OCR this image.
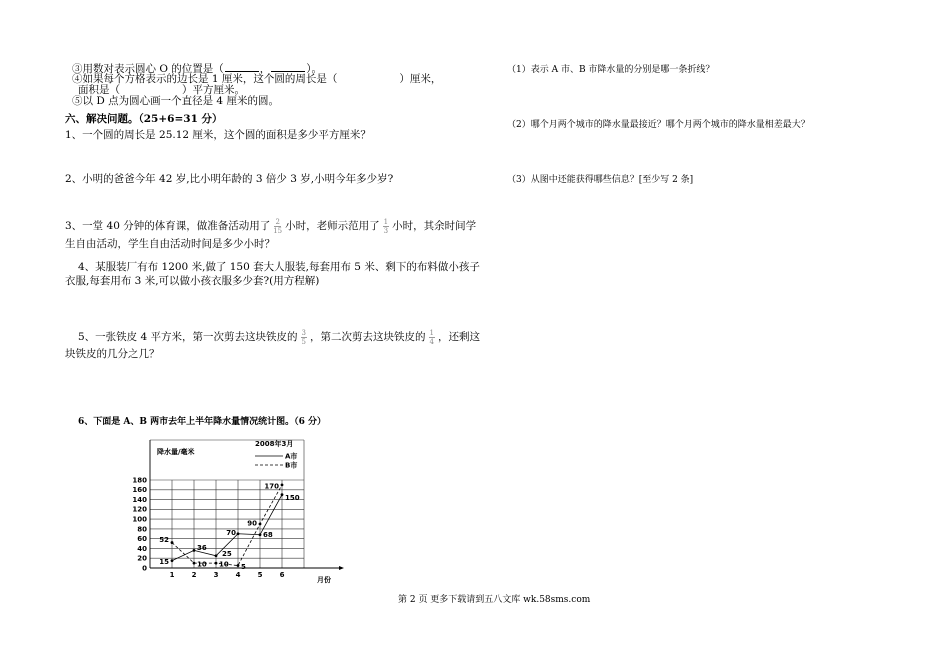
③用数对表示圆心 O 的位置是（	，	）。
④如果每个方格表示的边长是 1 厘米，这个圆的周长是（	）厘米，
面积是（	）平方厘米。
⑤以 D 点为圆心画一个直径是 4 厘米的圆。
六、解决问题。（25+6=31 分）
1、一个圆的周长是 25.12 厘米，这个圆的面积是多少平方厘米？
2、小明的爸爸今年 42 岁,比小明年龄的 3 倍少 3 岁,小明今年多少岁?
3、一堂 40 分钟的体育课，做准备活动用了 $\frac{2}{15}$ 小时，老师示范用了 $\frac{1}{3}$ 小时，其余时间学
生自由活动，学生自由活动时间是多少小时？
4、某服装厂有布 1200 米,做了 150 套大人服装,每套用布 5 米、剩下的布料做小孩子
衣服,每套用布 3 米,可以做小孩衣服多少套?(用方程解)
5、一张铁皮 4 平方米，第一次剪去这块铁皮的 $\frac{3}{5}$ ，第二次剪去这块铁皮的 $\frac{1}{4}$ ，还剩这
块铁皮的几分之几？
6、下面是 A、B 两市去年上半年降水量情况统计图。（6 分）
0
20
40
60
80
100
120
140
160
180
1 2 3 4 5 6
月份
降水量/毫米
2008年3月
A市
B市
15
36
25
70	68
150
52
10 10 5
90
170
（1）表示 A 市、B 市降水量的分别是哪一条折线？
（2）哪个月两个城市的降水量最接近？哪个月两个城市的降水量相差最大？
（3）从图中还能获得哪些信息？[至少写 2 条]
第 2 页 更多下载请到五八文库 wk.58sms.com
